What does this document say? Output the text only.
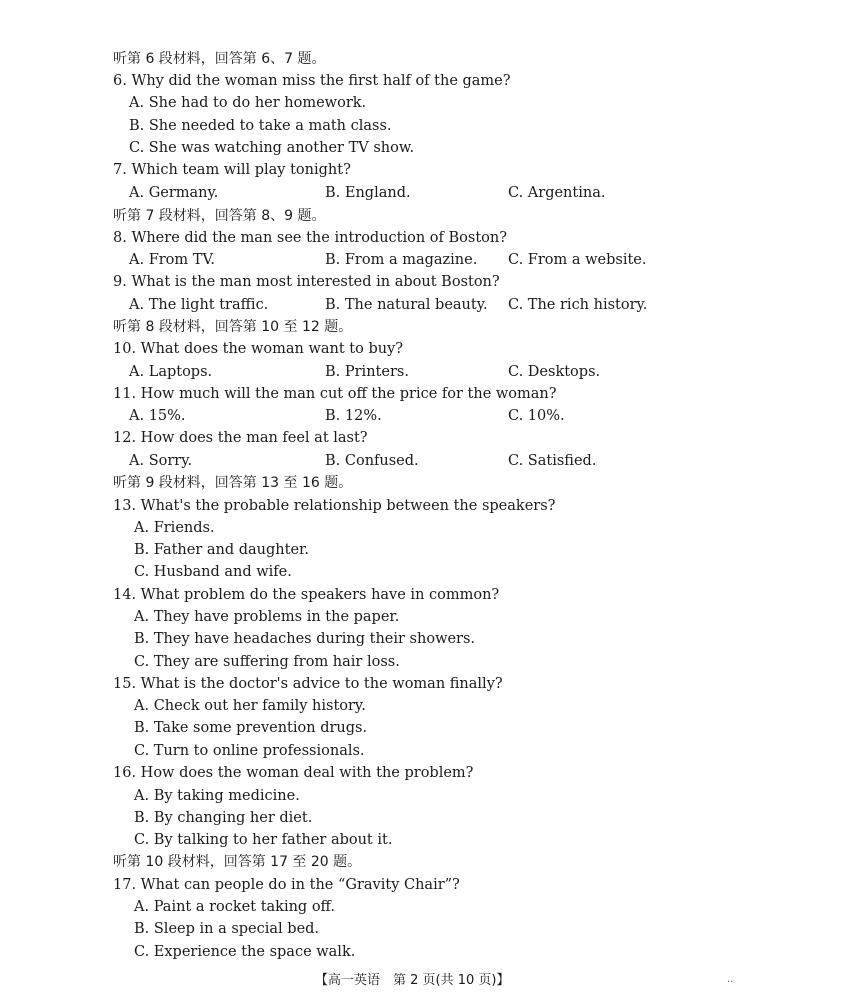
听第 6 段材料，回答第 6、7 题。
6. Why did the woman miss the first half of the game?
A. She had to do her homework.
B. She needed to take a math class.
C. She was watching another TV show.
7. Which team will play tonight?
A. Germany.	B. England.	C. Argentina.
听第 7 段材料，回答第 8、9 题。
8. Where did the man see the introduction of Boston?
A. From TV.	B. From a magazine. C. From a website.
9. What is the man most interested in about Boston?
A. The light traffic.	B. The natural beauty. C. The rich history.
听第 8 段材料，回答第 10 至 12 题。
10. What does the woman want to buy?
A. Laptops.	B. Printers.	C. Desktops.
11. How much will the man cut off the price for the woman?
A. 15%.	B. 12%.	C. 10%.
12. How does the man feel at last?
A. Sorry.	B. Confused.	C. Satisfied.
听第 9 段材料，回答第 13 至 16 题。
13. What's the probable relationship between the speakers?
A. Friends.
B. Father and daughter.
C. Husband and wife.
14. What problem do the speakers have in common?
A. They have problems in the paper.
B. They have headaches during their showers.
C. They are suffering from hair loss.
15. What is the doctor's advice to the woman finally?
A. Check out her family history.
B. Take some prevention drugs.
C. Turn to online professionals.
16. How does the woman deal with the problem?
A. By taking medicine.
B. By changing her diet.
C. By talking to her father about it.
听第 10 段材料，回答第 17 至 20 题。
17. What can people do in the “Gravity Chair”?
A. Paint a rocket taking off.
B. Sleep in a special bed.
C. Experience the space walk.
【高一英语　第 2 页(共 10 页)】	..
